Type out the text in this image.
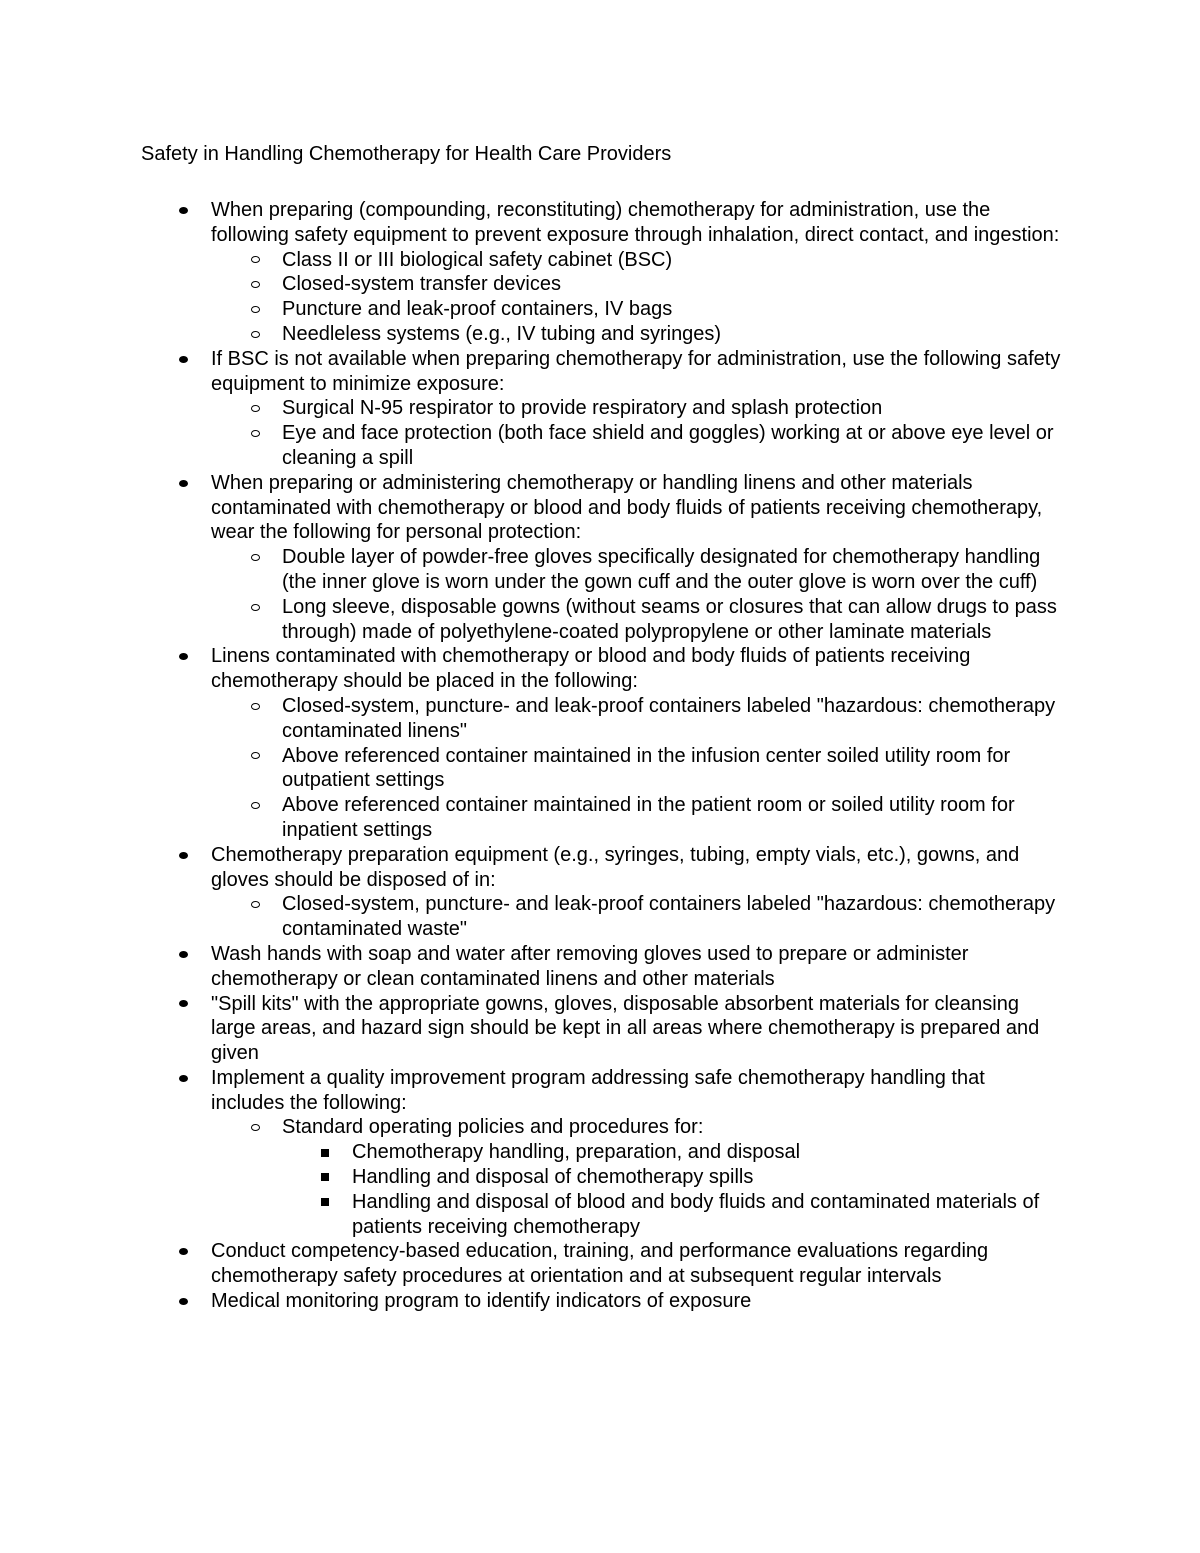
Safety in Handling Chemotherapy for Health Care Providers
When preparing (compounding, reconstituting) chemotherapy for administration, use the following safety equipment to prevent exposure through inhalation, direct contact, and ingestion:
Class II or III biological safety cabinet (BSC)
Closed-system transfer devices
Puncture and leak-proof containers, IV bags
Needleless systems (e.g., IV tubing and syringes)
If BSC is not available when preparing chemotherapy for administration, use the following safety equipment to minimize exposure:
Surgical N-95 respirator to provide respiratory and splash protection
Eye and face protection (both face shield and goggles) working at or above eye level or cleaning a spill
When preparing or administering chemotherapy or handling linens and other materials contaminated with chemotherapy or blood and body fluids of patients receiving chemotherapy, wear the following for personal protection:
Double layer of powder-free gloves specifically designated for chemotherapy handling (the inner glove is worn under the gown cuff and the outer glove is worn over the cuff)
Long sleeve, disposable gowns (without seams or closures that can allow drugs to pass through) made of polyethylene-coated polypropylene or other laminate materials
Linens contaminated with chemotherapy or blood and body fluids of patients receiving chemotherapy should be placed in the following:
Closed-system, puncture- and leak-proof containers labeled "hazardous: chemotherapy contaminated linens"
Above referenced container maintained in the infusion center soiled utility room for outpatient settings
Above referenced container maintained in the patient room or soiled utility room for inpatient settings
Chemotherapy preparation equipment (e.g., syringes, tubing, empty vials, etc.), gowns, and gloves should be disposed of in:
Closed-system, puncture- and leak-proof containers labeled "hazardous: chemotherapy contaminated waste"
Wash hands with soap and water after removing gloves used to prepare or administer chemotherapy or clean contaminated linens and other materials
"Spill kits" with the appropriate gowns, gloves, disposable absorbent materials for cleansing large areas, and hazard sign should be kept in all areas where chemotherapy is prepared and given
Implement a quality improvement program addressing safe chemotherapy handling that includes the following:
Standard operating policies and procedures for:
Chemotherapy handling, preparation, and disposal
Handling and disposal of chemotherapy spills
Handling and disposal of blood and body fluids and contaminated materials of patients receiving chemotherapy
Conduct competency-based education, training, and performance evaluations regarding chemotherapy safety procedures at orientation and at subsequent regular intervals
Medical monitoring program to identify indicators of exposure
